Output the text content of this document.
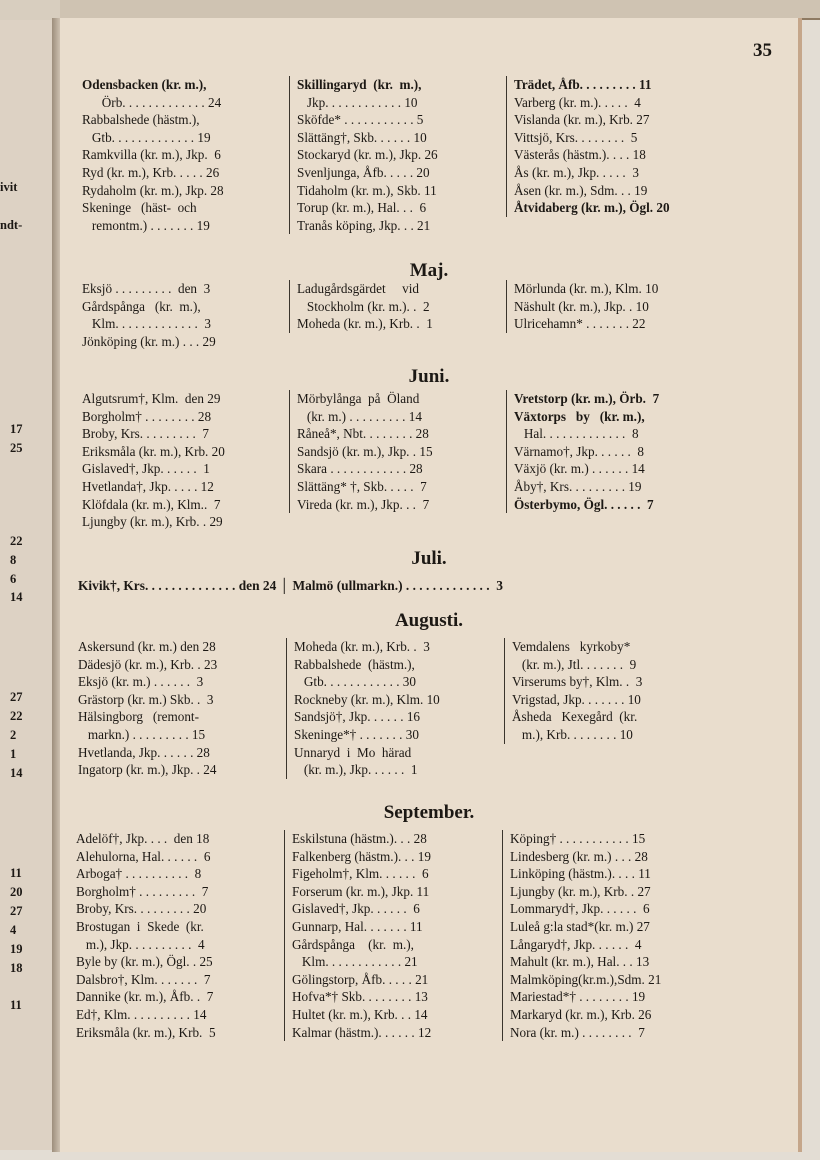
ivit
ndt-
17
25
22
8
6
14
27
22
2
1
14
11
20
27
4
19
18
11
35
Odensbacken (kr. m.),
Örb. . . . . . . . . . . . . 24
Rabbalshede (hästm.),
Gtb. . . . . . . . . . . . . 19
Ramkvilla (kr. m.), Jkp.  6
Ryd (kr. m.), Krb. . . . . 26
Rydaholm (kr. m.), Jkp. 28
Skeninge   (häst-  och
remontm.) . . . . . . . 19
Skillingaryd  (kr.  m.),
Jkp. . . . . . . . . . . . 10
Sköfde* . . . . . . . . . . . 5
Slättäng†, Skb. . . . . . 10
Stockaryd (kr. m.), Jkp. 26
Svenljunga, Åfb. . . . . 20
Tidaholm (kr. m.), Skb. 11
Torup (kr. m.), Hal. . .  6
Tranås köping, Jkp. . . 21
Trädet, Åfb. . . . . . . . . 11
Varberg (kr. m.). . . . .  4
Vislanda (kr. m.), Krb. 27
Vittsjö, Krs. . . . . . . .  5
Västerås (hästm.). . . . 18
Ås (kr. m.), Jkp. . . . .  3
Åsen (kr. m.), Sdm. . . 19
Åtvidaberg (kr. m.), Ögl. 20
Maj.
Eksjö . . . . . . . . .  den  3
Gårdspånga   (kr.  m.),
Klm. . . . . . . . . . . . .  3
Jönköping (kr. m.) . . . 29
Ladugårdsgärdet     vid
Stockholm (kr. m.). .  2
Moheda (kr. m.), Krb. .  1
Mörlunda (kr. m.), Klm. 10
Näshult (kr. m.), Jkp. . 10
Ulricehamn* . . . . . . . 22
Juni.
Algutsrum†, Klm.  den 29
Borgholm† . . . . . . . . 28
Broby, Krs. . . . . . . . .  7
Eriksmåla (kr. m.), Krb. 20
Gislaved†, Jkp. . . . . .  1
Hvetlanda†, Jkp. . . . . 12
Klöfdala (kr. m.), Klm..  7
Ljungby (kr. m.), Krb. . 29
Mörbylånga  på  Öland
(kr. m.) . . . . . . . . . 14
Råneå*, Nbt. . . . . . . . 28
Sandsjö (kr. m.), Jkp. . 15
Skara . . . . . . . . . . . . 28
Slättäng* †, Skb. . . . .  7
Vireda (kr. m.), Jkp. . .  7
Vretstorp (kr. m.), Örb.  7
Växtorps   by   (kr. m.),
Hal. . . . . . . . . . . . .  8
Värnamo†, Jkp. . . . . .  8
Växjö (kr. m.) . . . . . . 14
Åby†, Krs. . . . . . . . . 19
Österbymo, Ögl. . . . . .  7
Juli.
Kivik†, Krs. . . . . . . . . . . . . . den 24 │ Malmö (ullmarkn.) . . . . . . . . . . . . .  3
Augusti.
Askersund (kr. m.) den 28
Dädesjö (kr. m.), Krb. . 23
Eksjö (kr. m.) . . . . . .  3
Grästorp (kr. m.) Skb. .  3
Hälsingborg   (remont-
markn.) . . . . . . . . . 15
Hvetlanda, Jkp. . . . . . 28
Ingatorp (kr. m.), Jkp. . 24
Moheda (kr. m.), Krb. .  3
Rabbalshede  (hästm.),
Gtb. . . . . . . . . . . . 30
Rockneby (kr. m.), Klm. 10
Sandsjö†, Jkp. . . . . . 16
Skeninge*† . . . . . . . 30
Unnaryd  i  Mo  härad
(kr. m.), Jkp. . . . . .  1
Vemdalens   kyrkoby*
(kr. m.), Jtl. . . . . . .  9
Virserums by†, Klm. .  3
Vrigstad, Jkp. . . . . . . 10
Åsheda   Kexegård  (kr.
m.), Krb. . . . . . . . 10
September.
Adelöf†, Jkp. . . .  den 18
Alehulorna, Hal. . . . . .  6
Arboga† . . . . . . . . . .  8
Borgholm† . . . . . . . . .  7
Broby, Krs. . . . . . . . . 20
Brostugan  i  Skede  (kr.
m.), Jkp. . . . . . . . . .  4
Byle by (kr. m.), Ögl. . 25
Dalsbro†, Klm. . . . . . .  7
Dannike (kr. m.), Åfb. .  7
Ed†, Klm. . . . . . . . . . 14
Eriksmåla (kr. m.), Krb.  5
Eskilstuna (hästm.). . . 28
Falkenberg (hästm.). . . 19
Figeholm†, Klm. . . . . .  6
Forserum (kr. m.), Jkp. 11
Gislaved†, Jkp. . . . . .  6
Gunnarp, Hal. . . . . . . 11
Gårdspånga    (kr.  m.),
Klm. . . . . . . . . . . . 21
Gölingstorp, Åfb. . . . . 21
Hofva*† Skb. . . . . . . . 13
Hultet (kr. m.), Krb. . . 14
Kalmar (hästm.). . . . . . 12
Köping† . . . . . . . . . . . 15
Lindesberg (kr. m.) . . . 28
Linköping (hästm.). . . . 11
Ljungby (kr. m.), Krb. . 27
Lommaryd†, Jkp. . . . . .  6
Luleå g:la stad*(kr. m.) 27
Långaryd†, Jkp. . . . . .  4
Mahult (kr. m.), Hal. . . 13
Malmköping(kr.m.),Sdm. 21
Mariestad*† . . . . . . . . 19
Markaryd (kr. m.), Krb. 26
Nora (kr. m.) . . . . . . . .  7
